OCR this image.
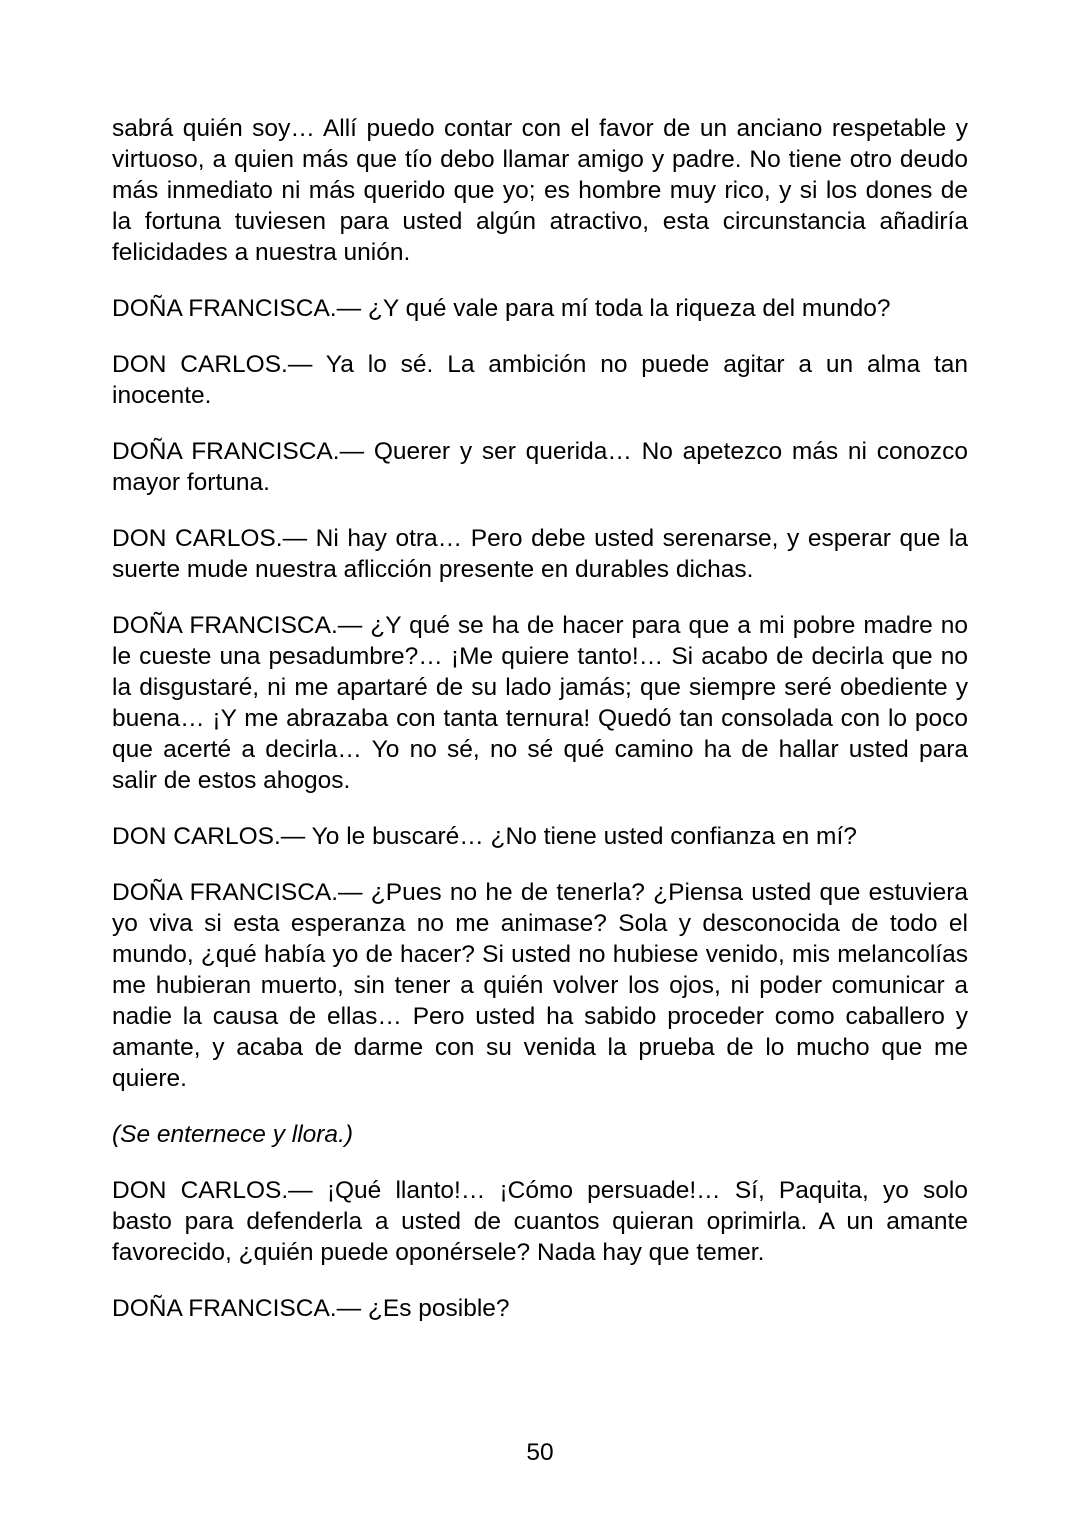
sabrá quién soy… Allí puedo contar con el favor de un anciano respetable y virtuoso, a quien más que tío debo llamar amigo y padre. No tiene otro deudo más inmediato ni más querido que yo; es hombre muy rico, y si los dones de la fortuna tuviesen para usted algún atractivo, esta circunstancia añadiría felicidades a nuestra unión.

DOÑA FRANCISCA.— ¿Y qué vale para mí toda la riqueza del mundo?

DON CARLOS.— Ya lo sé. La ambición no puede agitar a un alma tan inocente.

DOÑA FRANCISCA.— Querer y ser querida… No apetezco más ni conozco mayor fortuna.

DON CARLOS.— Ni hay otra… Pero debe usted serenarse, y esperar que la suerte mude nuestra aflicción presente en durables dichas.

DOÑA FRANCISCA.— ¿Y qué se ha de hacer para que a mi pobre madre no le cueste una pesadumbre?… ¡Me quiere tanto!… Si acabo de decirla que no la disgustaré, ni me apartaré de su lado jamás; que siempre seré obediente y buena… ¡Y me abrazaba con tanta ternura! Quedó tan consolada con lo poco que acerté a decirla… Yo no sé, no sé qué camino ha de hallar usted para salir de estos ahogos.

DON CARLOS.— Yo le buscaré… ¿No tiene usted confianza en mí?

DOÑA FRANCISCA.— ¿Pues no he de tenerla? ¿Piensa usted que estuviera yo viva si esta esperanza no me animase? Sola y desconocida de todo el mundo, ¿qué había yo de hacer? Si usted no hubiese venido, mis melancolías me hubieran muerto, sin tener a quién volver los ojos, ni poder comunicar a nadie la causa de ellas… Pero usted ha sabido proceder como caballero y amante, y acaba de darme con su venida la prueba de lo mucho que me quiere.

(Se enternece y llora.)

DON CARLOS.— ¡Qué llanto!… ¡Cómo persuade!… Sí, Paquita, yo solo basto para defenderla a usted de cuantos quieran oprimirla. A un amante favorecido, ¿quién puede oponérsele? Nada hay que temer.

DOÑA FRANCISCA.— ¿Es posible?

50
